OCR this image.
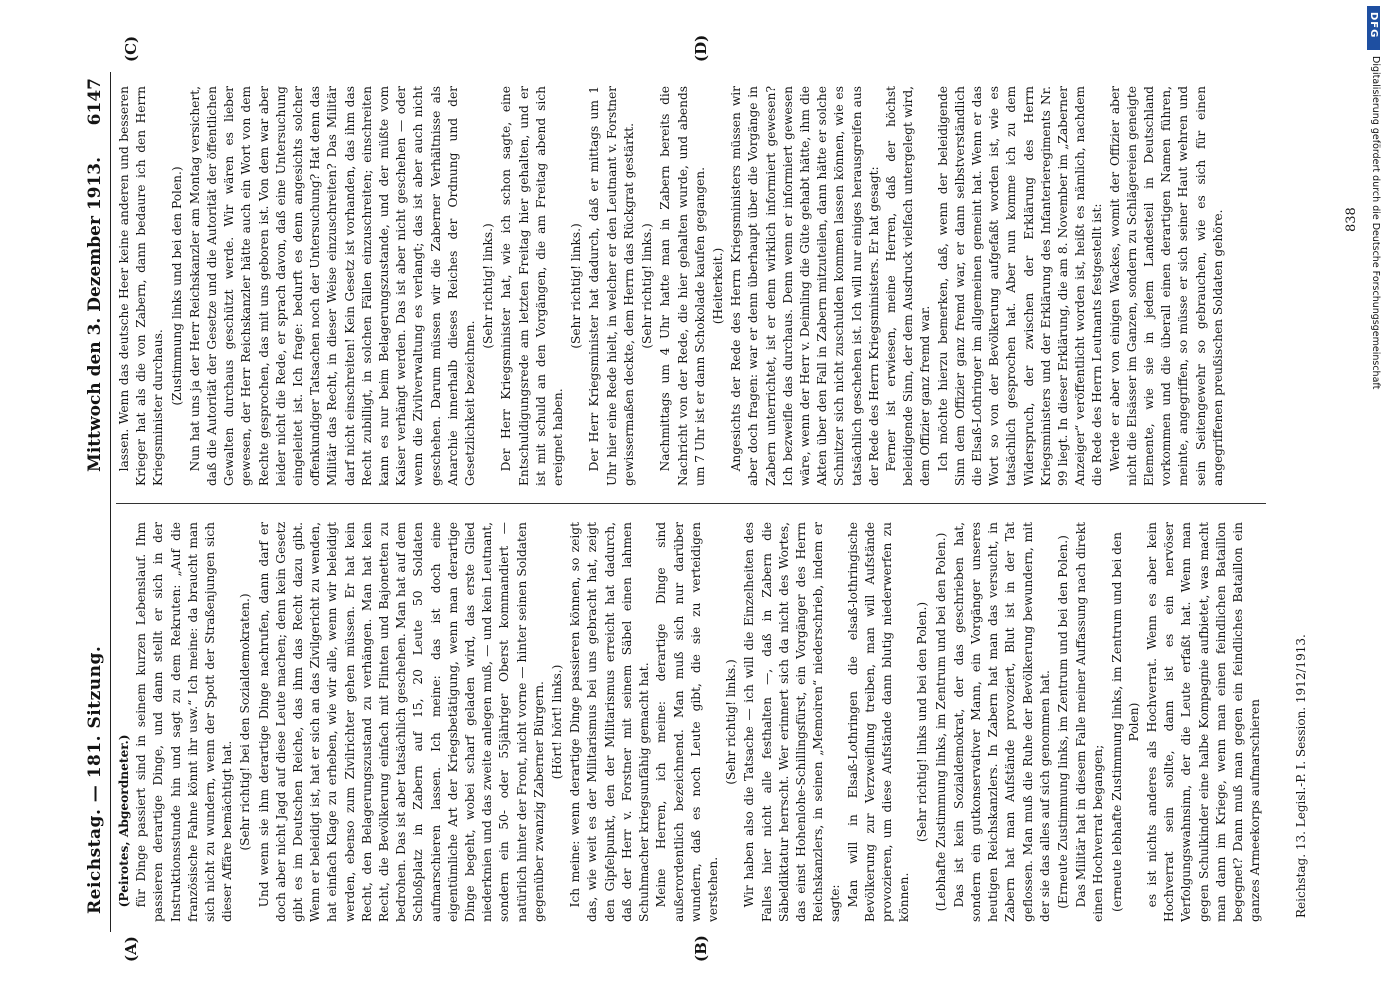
Reichstag. — 181. Sitzung.
Mittwoch den 3. Dezember 1913.
6147
(A)	(B)
(C)	(D)

(Peirotes, Abgeordneter.) für Dinge passiert sind in seinem kurzen Lebenslauf. Ihm passieren derartige Dinge, und dann stellt er sich in der Instruktionsstunde hin und sagt zu dem Rekruten: „Auf die französische Fahne könnt ihr usw.“ Ich meine: da braucht man sich nicht zu wundern, wenn der Spott der Straßenjungen sich dieser Affäre bemächtigt hat. (Sehr richtig! bei den Sozialdemokraten.) Und wenn sie ihm derartige Dinge nachrufen, dann darf er doch aber nicht Jagd auf diese Leute machen; denn kein Gesetz gibt es im Deutschen Reiche, das ihm das Recht dazu gibt. Wenn er beleidigt ist, hat er sich an das Zivilgericht zu wenden, hat einfach Klage zu erheben, wie wir alle, wenn wir beleidigt werden, ebenso zum Zivilrichter gehen müssen. Er hat kein Recht, den Belagerungszustand zu verhängen. Man hat kein Recht, die Bevölkerung einfach mit Flinten und Bajonetten zu bedrohen. Das ist aber tatsächlich geschehen. Man hat auf dem Schloßplatz in Zabern auf 15, 20 Leute 50 Soldaten aufmarschieren lassen. Ich meine: das ist doch eine eigentümliche Art der Kriegsbetätigung, wenn man derartige Dinge begeht, wobei scharf geladen wird, das erste Glied niederknien und das zweite anlegen muß, — und kein Leutnant, sondern ein 50- oder 55jähriger Oberst kommandiert — natürlich hinter der Front, nicht vorne — hinter seinen Soldaten gegenüber zwanzig Zaberner Bürgern. (Hört! hört! links.) Ich meine: wenn derartige Dinge passieren können, so zeigt das, wie weit es der Militarismus bei uns gebracht hat, zeigt den Gipfelpunkt, den der Militarismus erreicht hat dadurch, daß der Herr v. Forstner mit seinem Säbel einen lahmen Schuhmacher kriegsunfähig gemacht hat. Meine Herren, ich meine: derartige Dinge sind außerordentlich bezeichnend. Man muß sich nur darüber wundern, daß es noch Leute gibt, die sie zu verteidigen verstehen.

(Sehr richtig! links.) Wir haben also die Tatsache — ich will die Einzelheiten des Falles hier nicht alle festhalten —, daß in Zabern die Säbeldiktatur herrscht. Wer erinnert sich da nicht des Wortes, das einst Hohenlohe-Schillingsfürst, ein Vorgänger des Herrn Reichskanzlers, in seinen „Memoiren“ niederschrieb, indem er sagte: Man will in Elsaß-Lothringen die elsaß-lothringische Bevölkerung zur Verzweiflung treiben, man will Aufstände provozieren, um diese Aufstände dann blutig niederwerfen zu können.

(Sehr richtig! links und bei den Polen.) (Lebhafte Zustimmung links, im Zentrum und bei den Polen.) Das ist kein Sozialdemokrat, der das geschrieben hat, sondern ein gutkonservativer Mann, ein Vorgänger unseres heutigen Reichskanzlers. In Zabern hat man das versucht, in Zabern hat man Aufstände provoziert, Blut ist in der Tat geflossen. Man muß die Ruhe der Bevölkerung bewundern, mit der sie das alles auf sich genommen hat. (Erneute Zustimmung links, im Zentrum und bei den Polen.) Das Militär hat in diesem Falle meiner Auffassung nach direkt einen Hochverrat begangen; (erneute lebhafte Zustimmung links, im Zentrum und bei den Polen) es ist nichts anderes als Hochverrat. Wenn es aber kein Hochverrat sein sollte, dann ist es ein nervöser Verfolgungswahnsinn, der die Leute erfaßt hat. Wenn man gegen Schulkinder eine halbe Kompagnie aufbietet, was macht man dann im Kriege, wenn man einen feindlichen Bataillon begegnet? Dann muß man gegen ein feindliches Bataillon ein ganzes Armeekorps aufmarschieren

lassen. Wenn das deutsche Heer keine anderen und besseren Krieger hat als die von Zabern, dann bedaure ich den Herrn Kriegsminister durchaus.

(Zustimmung links und bei den Polen.) Nun hat uns ja der Herr Reichskanzler am Montag versichert, daß die Autorität der Gesetze und die Autorität der öffentlichen Gewalten durchaus geschützt werde. Wir wären es lieber gewesen, der Herr Reichskanzler hätte auch ein Wort von dem Rechte gesprochen, das mit uns geboren ist. Von dem war aber leider nicht die Rede, er sprach davon, daß eine Untersuchung eingeleitet ist. Ich frage: bedurft es denn angesichts solcher offenkundiger Tatsachen noch der Untersuchung? Hat denn das Militär das Recht, in dieser Weise einzuschreiten? Das Militär darf nicht einschreiten! Kein Gesetz ist vorhanden, das ihm das Recht zubilligt, in solchen Fällen einzuschreiten; einschreiten kann es nur beim Belagerungszustande, und der müßte vom Kaiser verhängt werden. Das ist aber nicht geschehen — oder wenn die Zivilverwaltung es verlangt; das ist aber auch nicht geschehen. Darum müssen wir die Zaberner Verhältnisse als Anarchie innerhalb dieses Reiches der Ordnung und der Gesetzlichkeit bezeichnen.

(Sehr richtig! links.) Der Herr Kriegsminister hat, wie ich schon sagte, eine Entschuldigungsrede am letzten Freitag hier gehalten, und er ist mit schuld an den Vorgängen, die am Freitag abend sich ereignet haben.

(Sehr richtig! links.) Der Herr Kriegsminister hat dadurch, daß er mittags um 1 Uhr hier eine Rede hielt, in welcher er den Leutnant v. Forstner gewissermaßen deckte, dem Herrn das Rückgrat gestärkt. (Sehr richtig! links.) Nachmittags um 4 Uhr hatte man in Zabern bereits die Nachricht von der Rede, die hier gehalten wurde, und abends um 7 Uhr ist er dann Schokolade kaufen gegangen. (Heiterkeit.) Angesichts der Rede des Herrn Kriegsministers müssen wir aber doch fragen: war er denn überhaupt über die Vorgänge in Zabern unterrichtet, ist er denn wirklich informiert gewesen? Ich bezweifle das durchaus. Denn wenn er informiert gewesen wäre, wenn der Herr v. Deimling die Güte gehabt hätte, ihm die Akten über den Fall in Zabern mitzuteilen, dann hätte er solche Schnitzer sich nicht zuschulden kommen lassen können, wie es tatsächlich geschehen ist. Ich will nur einiges herausgreifen aus der Rede des Herrn Kriegsministers. Er hat gesagt: Ferner ist erwiesen, meine Herren, daß der höchst beleidigende Sinn, der dem Ausdruck vielfach untergelegt wird, dem Offizier ganz fremd war. Ich möchte hierzu bemerken, daß, wenn der beleidigende Sinn dem Offizier ganz fremd war, er dann selbstverständlich die Elsaß-Lothringer im allgemeinen gemeint hat. Wenn er das Wort so von der Bevölkerung aufgefaßt worden ist, wie es tatsächlich gesprochen hat. Aber nun komme ich zu dem Widerspruch, der zwischen der Erklärung des Herrn Kriegsministers und der Erklärung des Infanterieregiments Nr. 99 liegt. In dieser Erklärung, die am 8. November im „Zaberner Anzeiger“ veröffentlicht worden ist, heißt es nämlich, nachdem die Rede des Herrn Leutnants festgestellt ist: Werde er aber von einigen Wackes, womit der Offizier aber nicht die Elsässer im Ganzen, sondern zu Schlägereien geneigte Elemente, wie sie in jedem Landesteil in Deutschland vorkommen und die überall einen derartigen Namen führen, meinte, angegriffen, so müsse er sich seiner Haut wehren und sein Seitengewehr so gebrauchen, wie es sich für einen angegriffenen preußischen Soldaten gehöre.

Reichstag. 13. Legisl.-P. I. Session. 1912/1913.
838
DFG
Digitalisierung gefördert durch die Deutsche Forschungsgemeinschaft
